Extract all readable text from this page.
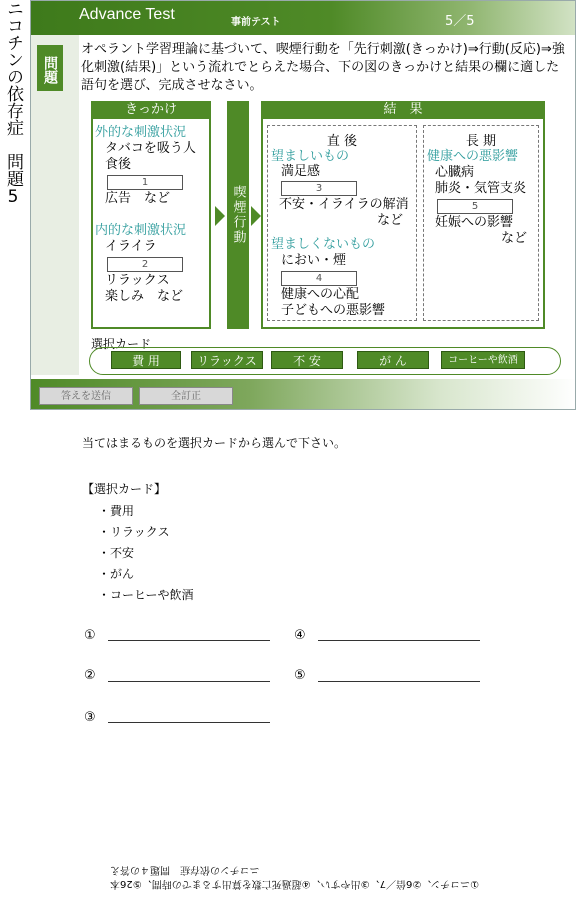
ニコチンの依存症　問題5	Advance Test	事前テスト	5／5
問題
オペラント学習理論に基づいて、喫煙行動を「先行刺激(きっかけ)⇒行動(反応)⇒強化刺激(結果)」という流れでとらえた場合、下の図のきっかけと結果の欄に適した語句を選び、完成させなさい。
きっかけ
外的な刺激状況
タバコを吸う人
食後
1
広告　など
内的な刺激状況
イライラ
2
リラックス
楽しみ　など
喫煙行動
結　果
直 後
望ましいもの
満足感
3
不安・イライラの解消
など
望ましくないもの
におい・煙
4
健康への心配
子どもへの悪影響
長 期
健康への悪影響
心臓病
肺炎・気管支炎
5
妊娠への影響
など
選択カード
費 用	リラックス	不 安	が ん	コーヒーや飲酒
答えを送信	全訂正
当てはまるものを選択カードから選んで下さい。
【選択カード】
・費用
・リラックス
・不安
・がん
・コーヒーや飲酒
①	④
②	⑤
③
①ニコチン、②6倍／7、③出やすい、④超過死亡数を算出するまでの時間、⑤26本
ニコチンの依存症　問題４の答え
